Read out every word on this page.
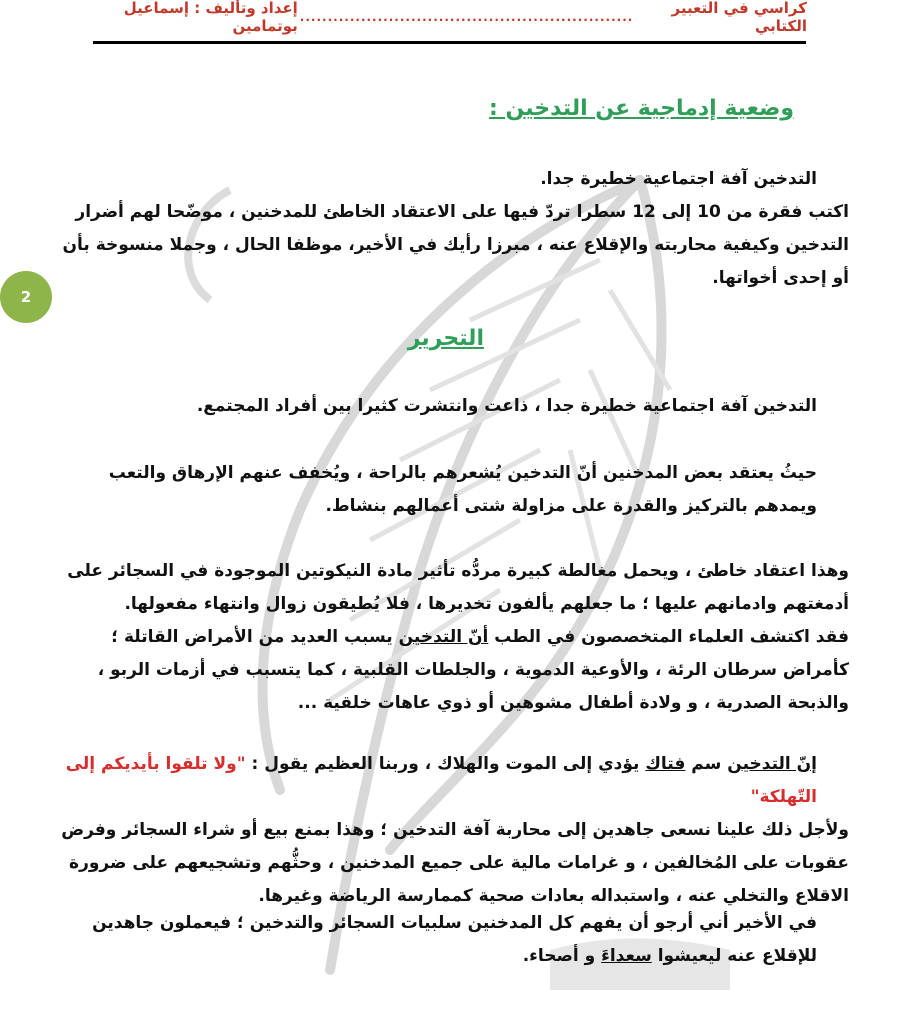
كراسي في التعبير الكتابي
............................................................
إعداد وتأليف : إسماعيل بوتمامين
2
وضعية إدماجية عن التدخين :
التدخين آفة اجتماعية خطيرة جدا.
اكتب فقرة من 10 إلى 12 سطرا تردّ فيها على الاعتقاد الخاطئ للمدخنين ، موضّحا لهم أضرار التدخين وكيفية محاربته والإقلاع عنه ، مبرزا رأيك في الأخير، موظفا الحال ، وجملا منسوخة بأن أو إحدى أخواتها.
التحرير
التدخين آفة اجتماعية خطيرة جدا ، ذاعت وانتشرت كثيرا بين أفراد المجتمع.
حيثُ يعتقد بعض المدخنين أنّ التدخين يُشعرهم بالراحة ، ويُخفف عنهم الإرهاق والتعب ويمدهم بالتركيز والقدرة على مزاولة شتى أعمالهم بنشاط.
وهذا اعتقاد خاطئ ، ويحمل مغالطة كبيرة مردُّه تأثير مادة النيكوتين الموجودة في السجائر على أدمغتهم وادمانهم عليها ؛ ما جعلهم يألفون تخديرها ، فلا يُطيقون زوال وانتهاء مفعولها.
فقد اكتشف العلماء المتخصصون في الطب أنّ التدخين يسبب العديد من الأمراض القاتلة ؛ كأمراض سرطان الرئة ، والأوعية الدموية ، والجلطات القلبية ، كما يتسبب في أزمات الربو ، والذبحة الصدرية ، و ولادة أطفال مشوهين أو ذوي عاهات خلقية ...
إنّ التدخين سم فتاك يؤدي إلى الموت والهلاك ، وربنا العظيم يقول : "ولا تلقوا بأيديكم إلى التّهلكة"
ولأجل ذلك علينا نسعى جاهدين إلى محاربة آفة التدخين ؛ وهذا بمنع بيع أو شراء السجائر وفرض عقوبات على المُخالفين ، و غرامات مالية على جميع المدخنين ، وحثُّهم وتشجيعهم على ضرورة الاقلاع والتخلي عنه ، واستبداله بعادات صحية كممارسة الرياضة وغيرها.
في الأخير أني أرجو أن يفهم كل المدخنين سلبيات السجائر والتدخين ؛ فيعملون جاهدين للإقلاع عنه ليعيشوا سعداءَ و أصحاء.
